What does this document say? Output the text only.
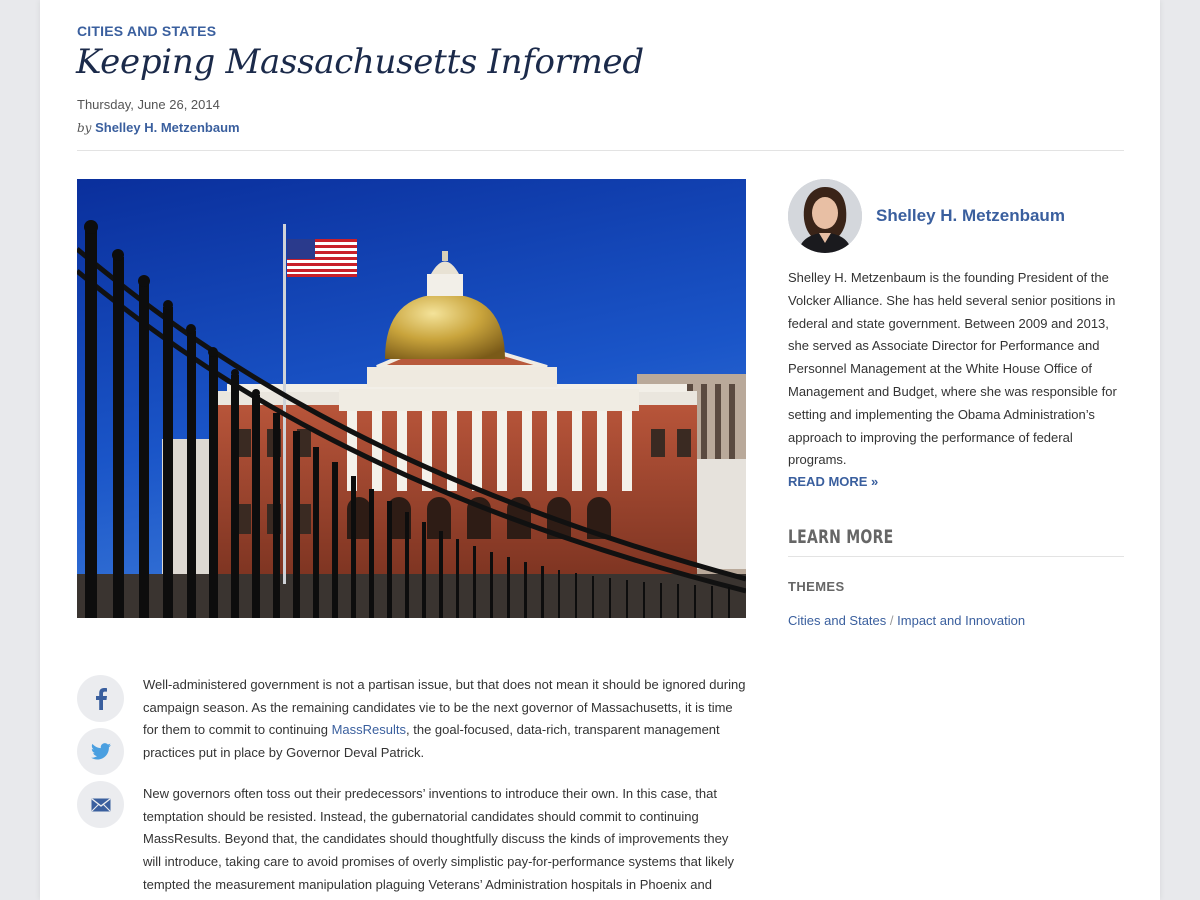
CITIES AND STATES
Keeping Massachusetts Informed
Thursday, June 26, 2014
by Shelley H. Metzenbaum

Well-administered government is not a partisan issue, but that does not mean it should be ignored during campaign season. As the remaining candidates vie to be the next governor of Massachusetts, it is time for them to commit to continuing MassResults, the goal-focused, data-rich, transparent management practices put in place by Governor Deval Patrick.

New governors often toss out their predecessors’ inventions to introduce their own. In this case, that temptation should be resisted. Instead, the gubernatorial candidates should commit to continuing MassResults. Beyond that, the candidates should thoughtfully discuss the kinds of improvements they will introduce, taking care to avoid promises of overly simplistic pay-for-performance systems that likely tempted the measurement manipulation plaguing Veterans’ Administration hospitals in Phoenix and

Shelley H. Metzenbaum

Shelley H. Metzenbaum is the founding President of the Volcker Alliance. She has held several senior positions in federal and state government. Between 2009 and 2013, she served as Associate Director for Performance and Personnel Management at the White House Office of Management and Budget, where she was responsible for setting and implementing the Obama Administration’s approach to improving the performance of federal programs.

READ MORE »
LEARN MORE
THEMES
Cities and States / Impact and Innovation
